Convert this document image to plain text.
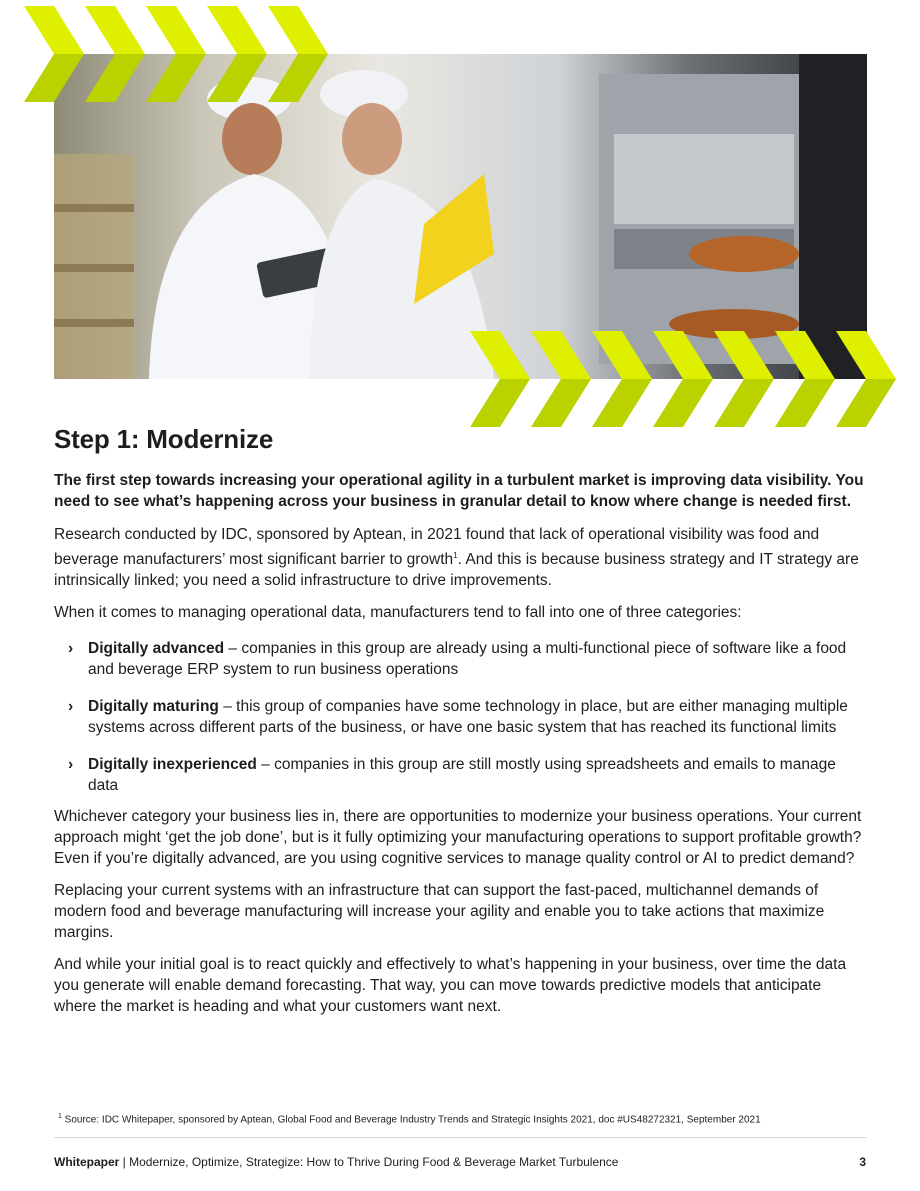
Step 1: Modernize

The first step towards increasing your operational agility in a turbulent market is improving data visibility. You need to see what’s happening across your business in granular detail to know where change is needed first.

Research conducted by IDC, sponsored by Aptean, in 2021 found that lack of operational visibility was food and beverage manufacturers’ most significant barrier to growth$^1$. And this is because business strategy and IT strategy are intrinsically linked; you need a solid infrastructure to drive improvements.

When it comes to managing operational data, manufacturers tend to fall into one of three categories:

› Digitally advanced – companies in this group are already using a multi-functional piece of software like a food and beverage ERP system to run business operations
› Digitally maturing – this group of companies have some technology in place, but are either managing multiple systems across different parts of the business, or have one basic system that has reached its functional limits
› Digitally inexperienced – companies in this group are still mostly using spreadsheets and emails to manage data

Whichever category your business lies in, there are opportunities to modernize your business operations. Your current approach might ‘get the job done’, but is it fully optimizing your manufacturing operations to support profitable growth? Even if you’re digitally advanced, are you using cognitive services to manage quality control or AI to predict demand?

Replacing your current systems with an infrastructure that can support the fast-paced, multichannel demands of modern food and beverage manufacturing will increase your agility and enable you to take actions that maximize margins.

And while your initial goal is to react quickly and effectively to what’s happening in your business, over time the data you generate will enable demand forecasting. That way, you can move towards predictive models that anticipate where the market is heading and what your customers want next.

$^1$ Source: IDC Whitepaper, sponsored by Aptean, Global Food and Beverage Industry Trends and Strategic Insights 2021, doc #US48272321, September 2021
Whitepaper | Modernize, Optimize, Strategize: How to Thrive During Food & Beverage Market Turbulence	3
